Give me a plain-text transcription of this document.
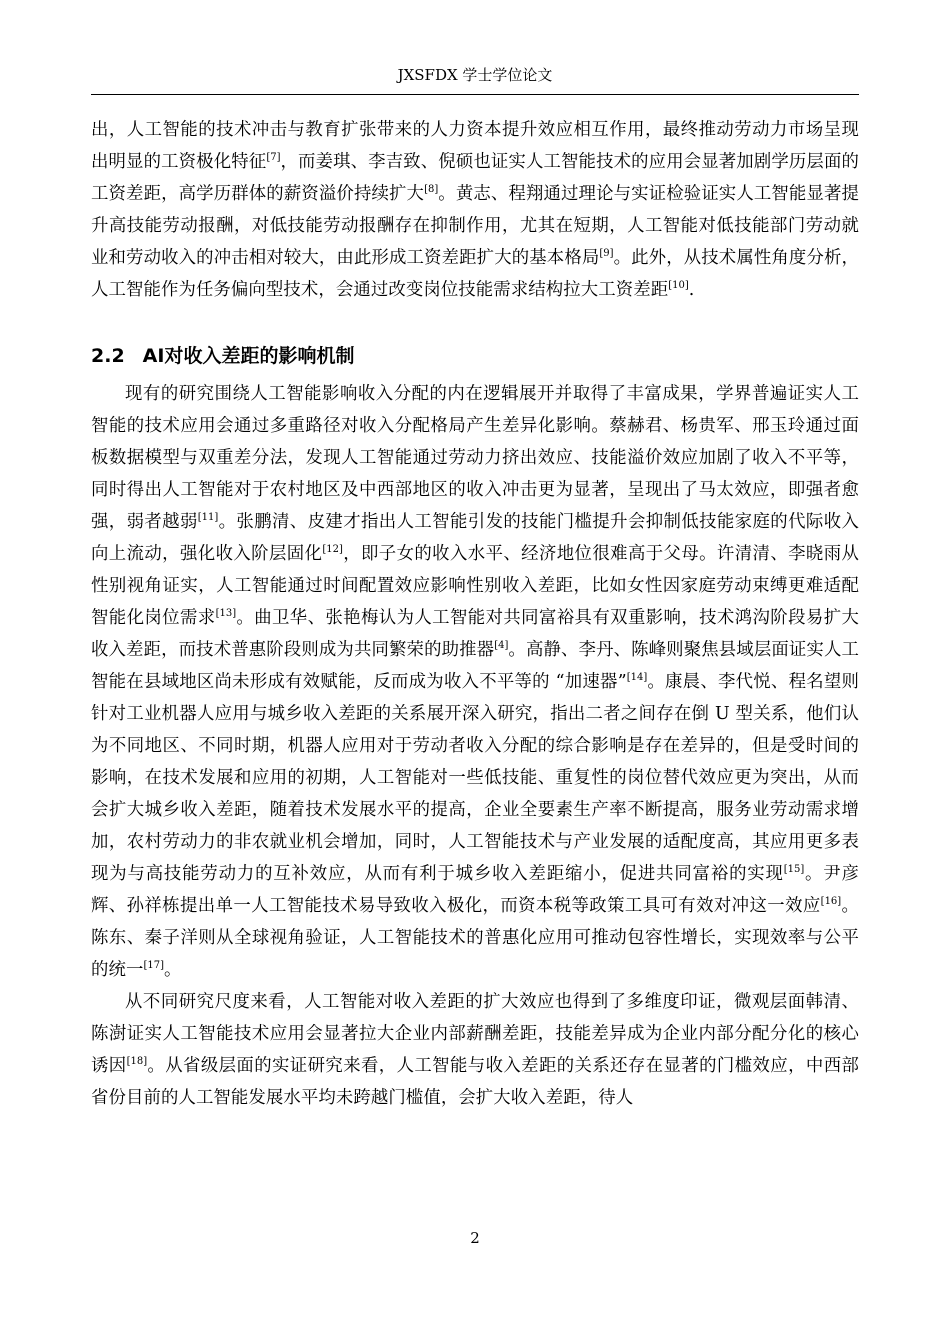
JXSFDX 学士学位论文

出，人工智能的技术冲击与教育扩张带来的人力资本提升效应相互作用，最终推动劳动力市场呈现出明显的工资极化特征[7]，而姜琪、李吉致、倪硕也证实人工智能技术的应用会显著加剧学历层面的工资差距，高学历群体的薪资溢价持续扩大[8]。黄志、程翔通过理论与实证检验证实人工智能显著提升高技能劳动报酬，对低技能劳动报酬存在抑制作用，尤其在短期，人工智能对低技能部门劳动就业和劳动收入的冲击相对较大，由此形成工资差距扩大的基本格局[9]。此外，从技术属性角度分析，人工智能作为任务偏向型技术，会通过改变岗位技能需求结构拉大工资差距[10].

2.2 AI对收入差距的影响机制

现有的研究围绕人工智能影响收入分配的内在逻辑展开并取得了丰富成果，学界普遍证实人工智能的技术应用会通过多重路径对收入分配格局产生差异化影响。蔡赫君、杨贵军、邢玉玲通过面板数据模型与双重差分法，发现人工智能通过劳动力挤出效应、技能溢价效应加剧了收入不平等，同时得出人工智能对于农村地区及中西部地区的收入冲击更为显著，呈现出了马太效应，即强者愈强，弱者越弱[11]。张鹏清、皮建才指出人工智能引发的技能门槛提升会抑制低技能家庭的代际收入向上流动，强化收入阶层固化[12]，即子女的收入水平、经济地位很难高于父母。许清清、李晓雨从性别视角证实，人工智能通过时间配置效应影响性别收入差距，比如女性因家庭劳动束缚更难适配智能化岗位需求[13]。曲卫华、张艳梅认为人工智能对共同富裕具有双重影响，技术鸿沟阶段易扩大收入差距，而技术普惠阶段则成为共同繁荣的助推器[4]。高静、李丹、陈峰则聚焦县域层面证实人工智能在县域地区尚未形成有效赋能，反而成为收入不平等的 “加速器”[14]。康晨、李代悦、程名望则针对工业机器人应用与城乡收入差距的关系展开深入研究，指出二者之间存在倒 U 型关系，他们认为不同地区、不同时期，机器人应用对于劳动者收入分配的综合影响是存在差异的，但是受时间的影响，在技术发展和应用的初期，人工智能对一些低技能、重复性的岗位替代效应更为突出，从而会扩大城乡收入差距，随着技术发展水平的提高，企业全要素生产率不断提高，服务业劳动需求增加，农村劳动力的非农就业机会增加，同时，人工智能技术与产业发展的适配度高，其应用更多表现为与高技能劳动力的互补效应，从而有利于城乡收入差距缩小，促进共同富裕的实现[15]。尹彦辉、孙祥栋提出单一人工智能技术易导致收入极化，而资本税等政策工具可有效对冲这一效应[16]。陈东、秦子洋则从全球视角验证，人工智能技术的普惠化应用可推动包容性增长，实现效率与公平的统一[17]。

从不同研究尺度来看，人工智能对收入差距的扩大效应也得到了多维度印证，微观层面韩清、陈澍证实人工智能技术应用会显著拉大企业内部薪酬差距，技能差异成为企业内部分配分化的核心诱因[18]。从省级层面的实证研究来看，人工智能与收入差距的关系还存在显著的门槛效应，中西部省份目前的人工智能发展水平均未跨越门槛值，会扩大收入差距，待人

2
